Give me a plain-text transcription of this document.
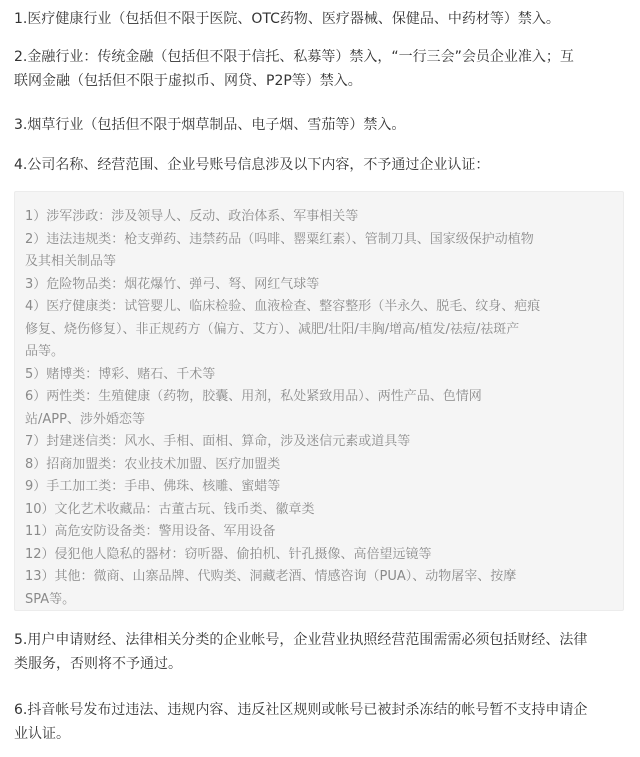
1.医疗健康行业（包括但不限于医院、OTC药物、医疗器械、保健品、中药材等）禁入。
2.金融行业：传统金融（包括但不限于信托、私募等）禁入，“一行三会”会员企业准入；互
联网金融（包括但不限于虚拟币、网贷、P2P等）禁入。
3.烟草行业（包括但不限于烟草制品、电子烟、雪茄等）禁入。
4.公司名称、经营范围、企业号账号信息涉及以下内容，不予通过企业认证：
1）涉军涉政：涉及领导人、反动、政治体系、军事相关等
2）违法违规类：枪支弹药、违禁药品（吗啡、罂粟红素）、管制刀具、国家级保护动植物
及其相关制品等
3）危险物品类：烟花爆竹、弹弓、弩、网红气球等
4）医疗健康类：试管婴儿、临床检验、血液检查、整容整形（半永久、脱毛、纹身、疤痕
修复、烧伤修复）、非正规药方（偏方、艾方）、减肥/壮阳/丰胸/增高/植发/祛痘/祛斑产
品等。
5）赌博类：博彩、赌石、千术等
6）两性类：生殖健康（药物，胶囊、用剂，私处紧致用品）、两性产品、色情网
站/APP、涉外婚恋等
7）封建迷信类：风水、手相、面相、算命，涉及迷信元素或道具等
8）招商加盟类：农业技术加盟、医疗加盟类
9）手工加工类：手串、佛珠、核雕、蜜蜡等
10）文化艺术收藏品：古董古玩、钱币类、徽章类
11）高危安防设备类：警用设备、军用设备
12）侵犯他人隐私的器材：窃听器、偷拍机、针孔摄像、高倍望远镜等
13）其他：微商、山寨品牌、代购类、洞藏老酒、情感咨询（PUA）、动物屠宰、按摩
SPA等。
5.用户申请财经、法律相关分类的企业帐号，企业营业执照经营范围需需必须包括财经、法律
类服务，否则将不予通过。
6.抖音帐号发布过违法、违规内容、违反社区规则或帐号已被封杀冻结的帐号暂不支持申请企
业认证。
